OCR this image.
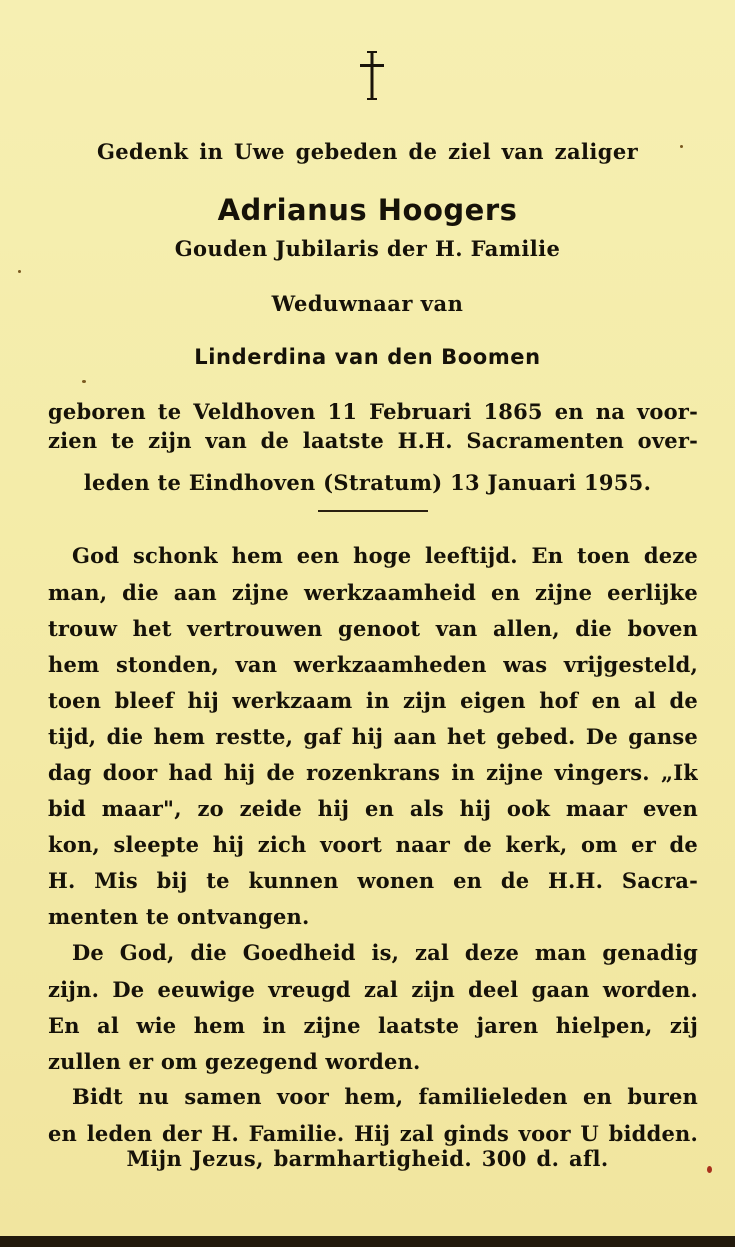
Gedenk in Uwe gebeden de ziel van zaliger
Adrianus Hoogers
Gouden Jubilaris der H. Familie
Weduwnaar van
Linderdina van den Boomen
geboren te Veldhoven 11 Februari 1865 en na voor-
zien te zijn van de laatste H.H. Sacramenten over-
leden te Eindhoven (Stratum) 13 Januari 1955.
God schonk hem een hoge leeftijd. En toen deze
man, die aan zijne werkzaamheid en zijne eerlijke
trouw het vertrouwen genoot van allen, die boven
hem stonden, van werkzaamheden was vrijgesteld,
toen bleef hij werkzaam in zijn eigen hof en al de
tijd, die hem restte, gaf hij aan het gebed. De ganse
dag door had hij de rozenkrans in zijne vingers. „Ik
bid maar", zo zeide hij en als hij ook maar even
kon, sleepte hij zich voort naar de kerk, om er de
H. Mis bij te kunnen wonen en de H.H. Sacra-
menten te ontvangen.
De God, die Goedheid is, zal deze man genadig
zijn. De eeuwige vreugd zal zijn deel gaan worden.
En al wie hem in zijne laatste jaren hielpen, zij
zullen er om gezegend worden.
Bidt nu samen voor hem, familieleden en buren
en leden der H. Familie. Hij zal ginds voor U bidden.
Mijn Jezus, barmhartigheid. 300 d. afl.
